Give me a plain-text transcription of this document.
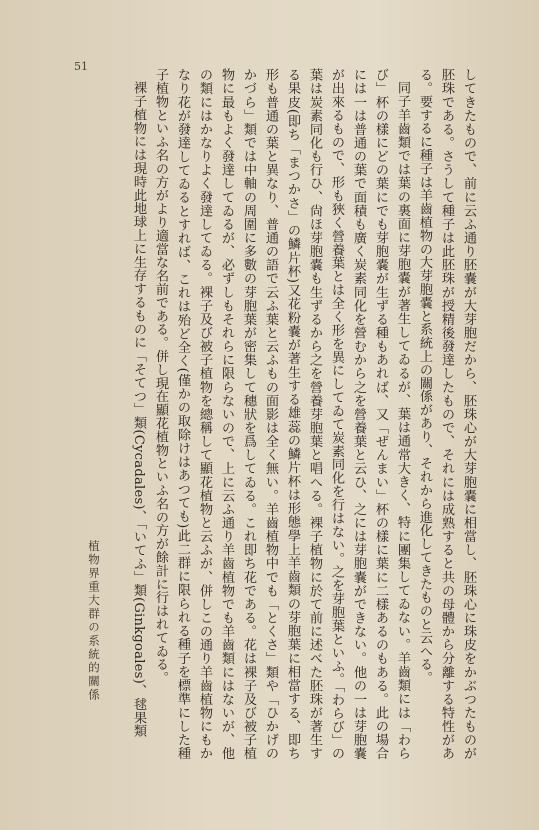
51
植物界重大群の系統的關係	してきたもので、前に云ふ通り胚嚢が大芽胞だから、胚珠心が大芽胞嚢に相當し、胚珠心に珠皮をかぶつたものが胚珠である。さうして種子は此胚珠が授精後發達したもので、それには成熟すると共の母體から分離する特性がある。要するに種子は羊齒植物の大芽胞嚢と系統上の關係があり、それから進化してきたものと云へる。

同子羊齒類では葉の裏面に芽胞嚢が著生してゐるが、葉は通常大きく、特に團集してゐない。羊齒類には「わらび」杯の樣にどの葉にでも芽胞嚢が生ずる種もあれば、又「ぜんまい」杯の樣に葉に二樣あるのもある。此の場合には一は普通の葉で面積も廣く炭素同化を營むから之を營養葉と云ひ、之には芽胞嚢ができない。他の一は芽胞嚢が出來るもので、形も狹く營養葉とは全く形を異にしてゐて炭素同化を行はない。之を芽胞葉といふ。「わらび」の葉は炭素同化も行ひ、尙ほ芽胞嚢も生ずるから之を營養芽胞葉と唱へる。裸子植物に於て前に述べた胚珠が著生する果皮(即ち「まつかさ」の鱗片杯)又花粉嚢が著生する雄蕊の鱗片杯は形態學上羊齒類の芽胞葉に相當する、即ち形も普通の葉と異なり、普通の語で云ふ葉と云ふもの面影は全く無い。羊齒植物中でも「とくさ」類や「ひかげのかづら」類では中軸の周圍に多數の芽胞葉が密集して穗狀を爲してゐる。これ即ち花である。花は裸子及び被子植物に最もよく發達してゐるが、必ずしもそれらに限らないので、上に云ふ通り羊齒植物でも羊齒類にはないが、他の類にはかなりよく發達してゐる。裸子及び被子植物を總稱して顯花植物と云ふが、併しこの通り羊齒植物にもかなり花が發達してゐるとすれば、これは殆ど全く(僅かの取除けはあつても)此二群に限られる種子を標準にした種子植物といふ名の方がより適當な名前である。併し現在顯花植物といふ名の方が餘計に行はれてゐる。

裸子植物には現時此地球上に生存するものに「そてつ」類(Cycadales)、「いてふ」類(Ginkgoales)、毬果類
